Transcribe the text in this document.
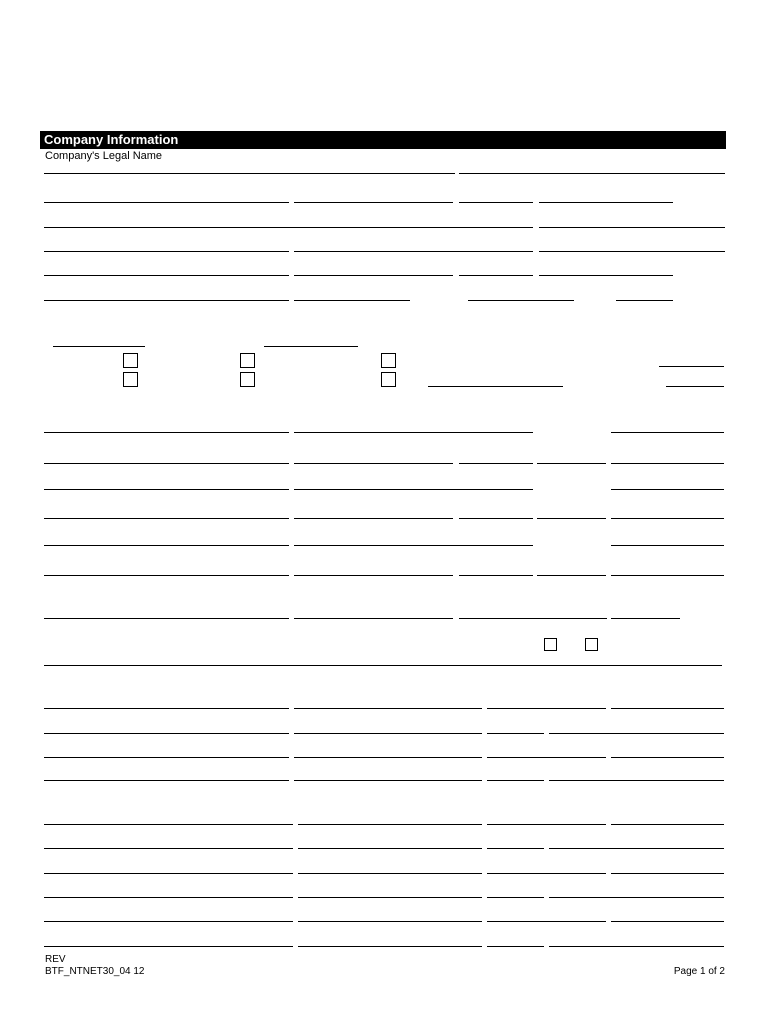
Company Information
Company's Legal Name
REV
BTF_NTNET30_04 12	Page 1 of 2
